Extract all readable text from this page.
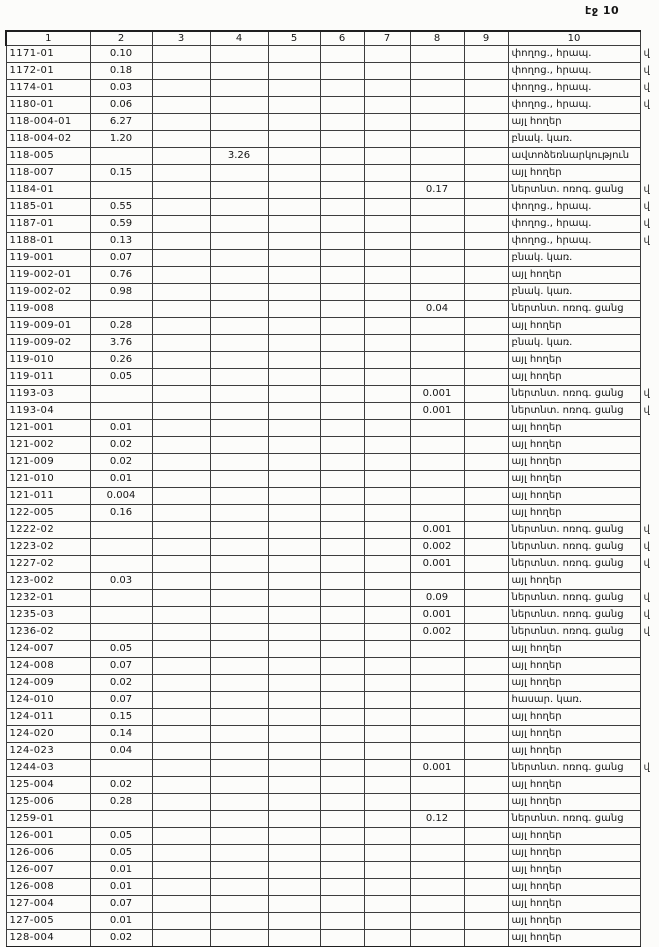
էջ 10
1	2	3	4	5	6	7	8	9	10	
1171-01	0.10								փողոց., հրապ.	վ
1172-01	0.18								փողոց., հրապ.	վ
1174-01	0.03								փողոց., հրապ.	վ
1180-01	0.06								փողոց., հրապ.	վ
118-004-01	6.27								այլ հողեր	
118-004-02	1.20								բնակ. կառ.	
118-005			3.26						ավտոձեռնարկություն	
118-007	0.15								այլ հողեր	
1184-01							0.17		ներտնտ. ոռոգ. ցանց	վ
1185-01	0.55								փողոց., հրապ.	վ
1187-01	0.59								փողոց., հրապ.	վ
1188-01	0.13								փողոց., հրապ.	վ
119-001	0.07								բնակ. կառ.	
119-002-01	0.76								այլ հողեր	
119-002-02	0.98								բնակ. կառ.	
119-008							0.04		ներտնտ. ոռոգ. ցանց	
119-009-01	0.28								այլ հողեր	
119-009-02	3.76								բնակ. կառ.	
119-010	0.26								այլ հողեր	
119-011	0.05								այլ հողեր	
1193-03							0.001		ներտնտ. ոռոգ. ցանց	վ
1193-04							0.001		ներտնտ. ոռոգ. ցանց	վ
121-001	0.01								այլ հողեր	
121-002	0.02								այլ հողեր	
121-009	0.02								այլ հողեր	
121-010	0.01								այլ հողեր	
121-011	0.004								այլ հողեր	
122-005	0.16								այլ հողեր	
1222-02							0.001		ներտնտ. ոռոգ. ցանց	վ
1223-02							0.002		ներտնտ. ոռոգ. ցանց	վ
1227-02							0.001		ներտնտ. ոռոգ. ցանց	վ
123-002	0.03								այլ հողեր	
1232-01							0.09		ներտնտ. ոռոգ. ցանց	վ
1235-03							0.001		ներտնտ. ոռոգ. ցանց	վ
1236-02							0.002		ներտնտ. ոռոգ. ցանց	վ
124-007	0.05								այլ հողեր	
124-008	0.07								այլ հողեր	
124-009	0.02								այլ հողեր	
124-010	0.07								հասար. կառ.	
124-011	0.15								այլ հողեր	
124-020	0.14								այլ հողեր	
124-023	0.04								այլ հողեր	
1244-03							0.001		ներտնտ. ոռոգ. ցանց	վ
125-004	0.02								այլ հողեր	
125-006	0.28								այլ հողեր	
1259-01							0.12		ներտնտ. ոռոգ. ցանց	
126-001	0.05								այլ հողեր	
126-006	0.05								այլ հողեր	
126-007	0.01								այլ հողեր	
126-008	0.01								այլ հողեր	
127-004	0.07								այլ հողեր	
127-005	0.01								այլ հողեր	
128-004	0.02								այլ հողեր	
